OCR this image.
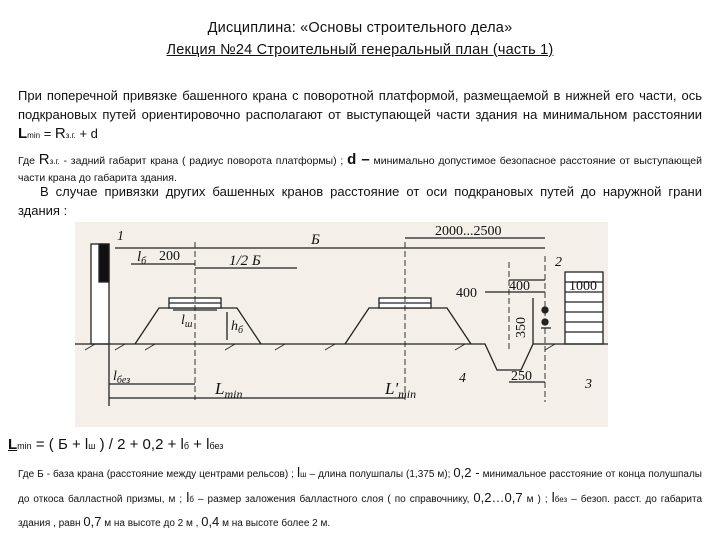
Дисциплина: «Основы строительного дела»
Лекция №24 Строительный генеральный план (часть 1)
При поперечной привязке башенного крана с поворотной платформой, размещаемой в нижней его части, ось подкрановых путей ориентировочно располагают от выступающей части здания на минимальном расстоянии Lmin = Rз.г. + d
Где Rз.г. - задний габарит крана ( радиус поворота платформы) ; d – минимально допустимое безопасное расстояние от выступающей части крана до габарита здания.
В случае привязки других башенных кранов расстояние от оси подкрановых путей до наружной грани здания :
Б
2000...2500
1/2 Б
$l_б$ 200
$l_ш$	$h_б$
$l_{без}$	$L_{min}$	$L'_{min}$
400 400
350
250
1000
1
2
3
4
Lmin = ( Б + lш ) / 2 + 0,2 + lб + lбез
Где Б - база крана (расстояние между центрами рельсов) ; lш – длина полушпалы (1,375 м); 0,2 - минимальное расстояние от конца полушпалы до откоса балластной призмы, м ; lб – размер заложения балластного слоя ( по справочнику, 0,2…0,7 м ) ; lбез – безоп. расст. до габарита здания , равн 0,7 м на высоте до 2 м , 0,4 м на высоте более 2 м.
